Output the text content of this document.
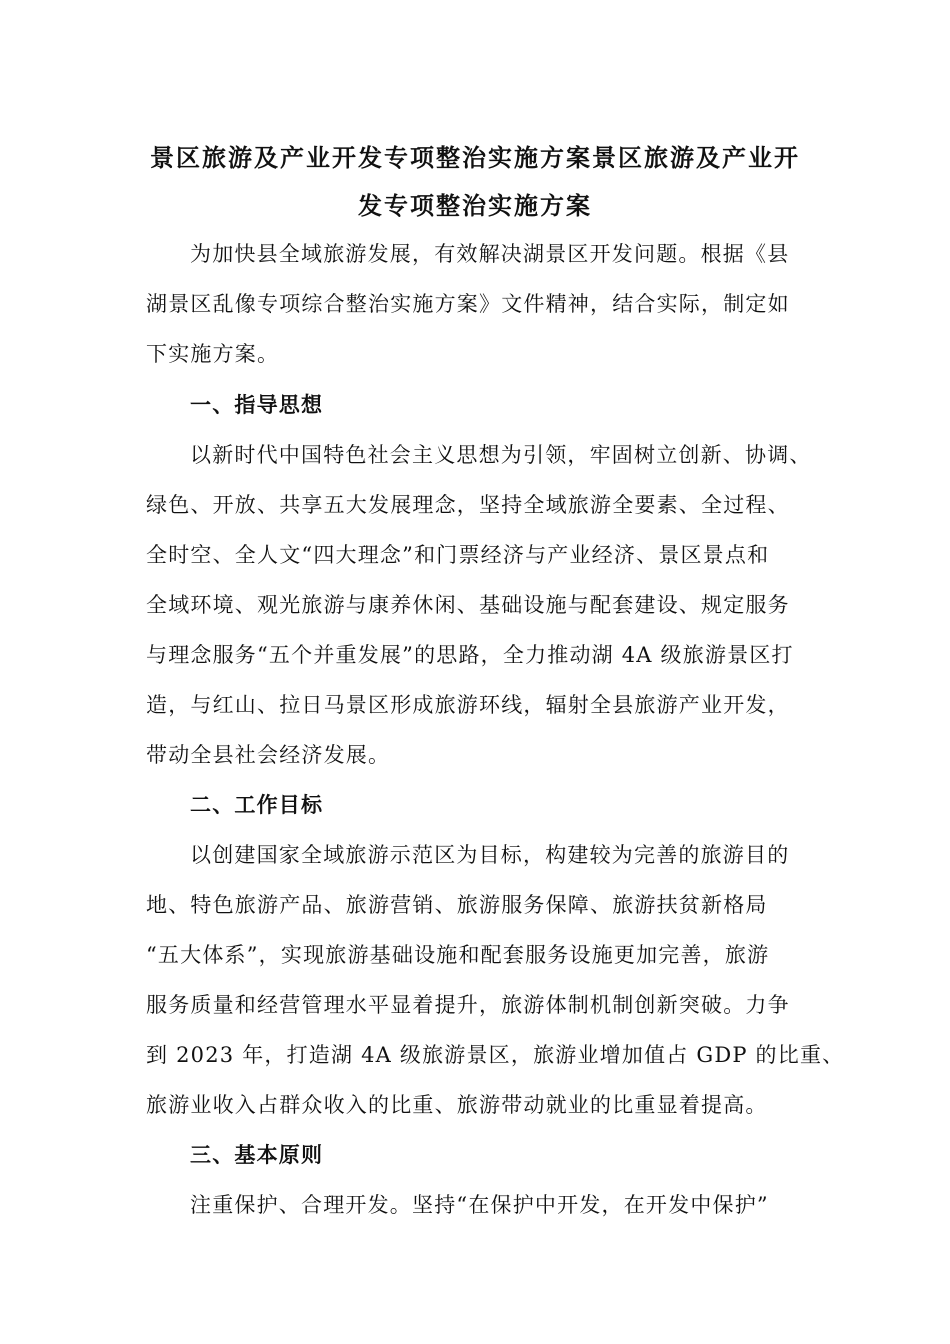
景区旅游及产业开发专项整治实施方案景区旅游及产业开
发专项整治实施方案
为加快县全域旅游发展，有效解决湖景区开发问题。根据《县
湖景区乱像专项综合整治实施方案》文件精神，结合实际，制定如
下实施方案。
一、指导思想
以新时代中国特色社会主义思想为引领，牢固树立创新、协调、
绿色、开放、共享五大发展理念，坚持全域旅游全要素、全过程、
全时空、全人文“四大理念”和门票经济与产业经济、景区景点和
全域环境、观光旅游与康养休闲、基础设施与配套建设、规定服务
与理念服务“五个并重发展”的思路，全力推动湖 4A 级旅游景区打
造，与红山、拉日马景区形成旅游环线，辐射全县旅游产业开发，
带动全县社会经济发展。
二、工作目标
以创建国家全域旅游示范区为目标，构建较为完善的旅游目的
地、特色旅游产品、旅游营销、旅游服务保障、旅游扶贫新格局
“五大体系”，实现旅游基础设施和配套服务设施更加完善，旅游
服务质量和经营管理水平显着提升，旅游体制机制创新突破。力争
到 2023 年，打造湖 4A 级旅游景区，旅游业增加值占 GDP 的比重、
旅游业收入占群众收入的比重、旅游带动就业的比重显着提高。
三、基本原则
注重保护、合理开发。坚持“在保护中开发，在开发中保护”
